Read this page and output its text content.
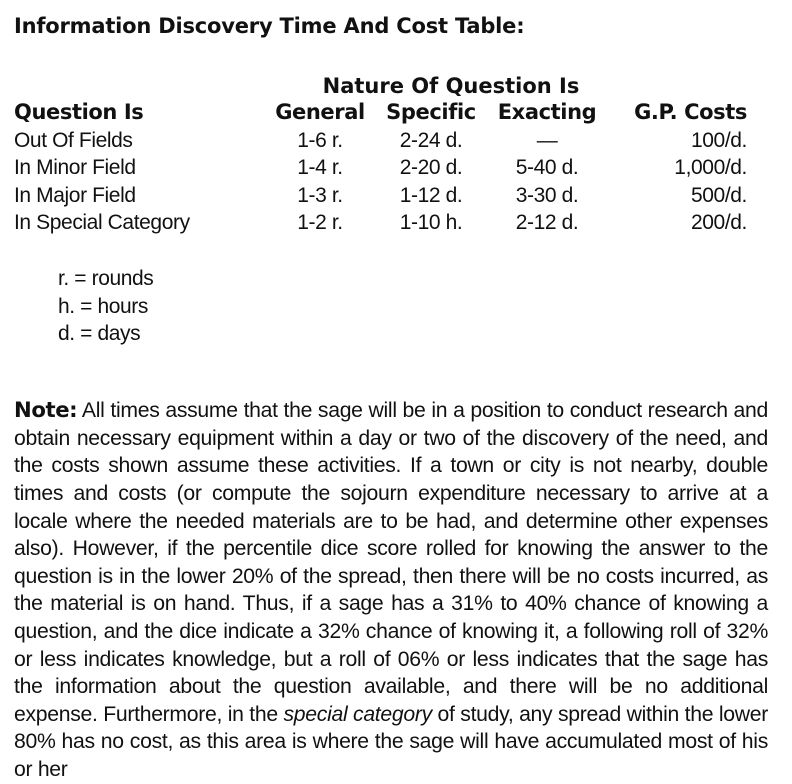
Information Discovery Time And Cost Table:
Nature Of Question Is
Question Is	General	Specific	Exacting	G.P. Costs
Out Of Fields	1-6 r.	2-24 d.	—	100/d.
In Minor Field	1-4 r.	2-20 d.	5-40 d.	1,000/d.
In Major Field	1-3 r.	1-12 d.	3-30 d.	500/d.
In Special Category	1-2 r.	1-10 h.	2-12 d.	200/d.
r. = rounds
h. = hours
d. = days

Note: All times assume that the sage will be in a position to conduct research and obtain necessary equipment within a day or two of the discovery of the need, and the costs shown assume these activities. If a town or city is not nearby, double times and costs (or compute the sojourn expenditure necessary to arrive at a locale where the needed materials are to be had, and determine other expenses also). However, if the percentile dice score rolled for knowing the answer to the question is in the lower 20% of the spread, then there will be no costs incurred, as the material is on hand. Thus, if a sage has a 31% to 40% chance of knowing a question, and the dice indicate a 32% chance of knowing it, a following roll of 32% or less indicates knowledge, but a roll of 06% or less indicates that the sage has the information about the question available, and there will be no additional expense. Furthermore, in the special category of study, any spread within the lower 80% has no cost, as this area is where the sage will have accumulated most of his or her
